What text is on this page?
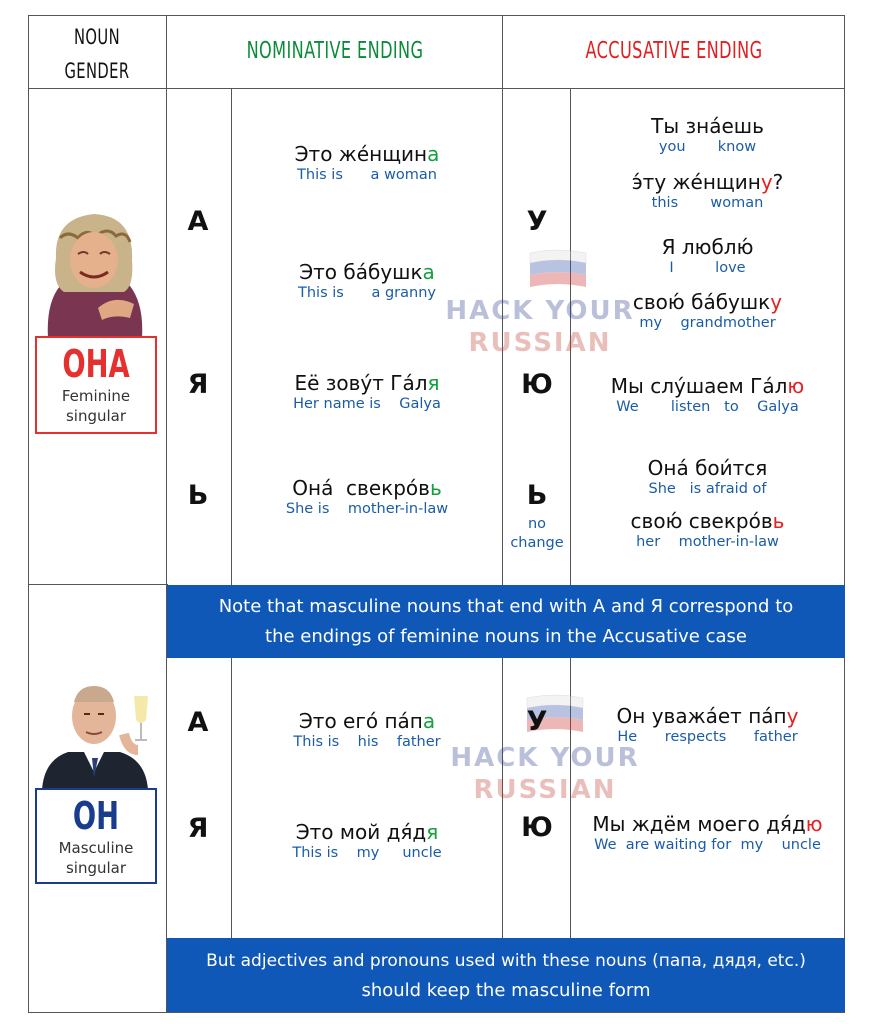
NOUN
GENDER
NOMINATIVE ENDING	ACCUSATIVE ENDING
HACK YOUR
RUSSIAN
HACK YOUR
RUSSIAN
ОНА
Feminine
singular
А
Я
Ь
У
Ю
Ь
no
change
Это же́нщина
This is      a woman
Это ба́бушка
This is      a granny
Её зову́т Га́ля
Her name is    Galya
Она́  свекро́вь
She is    mother-in-law
Ты зна́ешь
you       know
э́ту же́нщину?
this       woman
Я люблю́
I         love
свою́ ба́бушку
my    grandmother
Мы слу́шаем Га́лю
We       listen   to    Galya
Она́ бои́тся
She   is afraid of
свою́ свекро́вь
her    mother-in-law
Note that masculine nouns that end with А and Я correspond to
the endings of feminine nouns in the Accusative case
ОН
Masculine
singular
А
Я
У
Ю
Это его́ па́па
This is    his    father
Это мой дя́дя
This is    my     uncle
Он уважа́ет па́пу
He      respects      father
Мы ждём моего дя́дю
We  are waiting for  my    uncle
But adjectives and pronouns used with these nouns (папа, дядя, etc.)
should keep the masculine form
